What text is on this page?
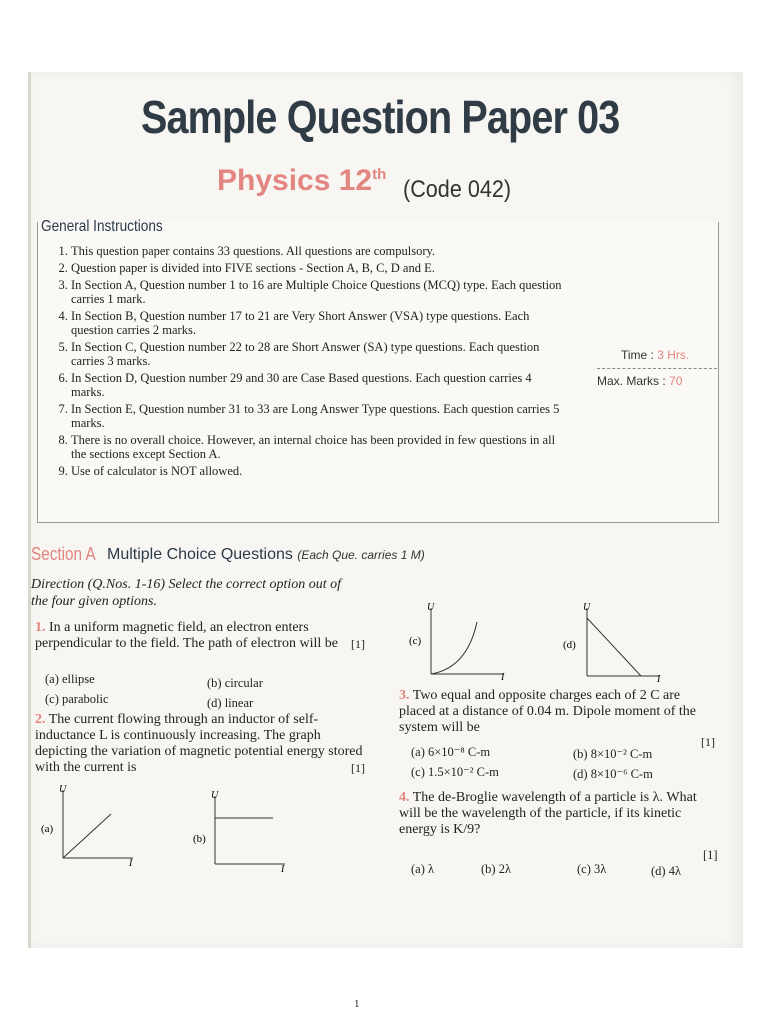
Sample Question Paper 03
Physics 12th
(Code 042)
General Instructions
1. This question paper contains 33 questions. All questions are compulsory.
2. Question paper is divided into FIVE sections - Section A, B, C, D and E.
3. In Section A, Question number 1 to 16 are Multiple Choice Questions (MCQ) type. Each question carries 1 mark.
4. In Section B, Question number 17 to 21 are Very Short Answer (VSA) type questions. Each question carries 2 marks.
5. In Section C, Question number 22 to 28 are Short Answer (SA) type questions. Each question carries 3 marks.
6. In Section D, Question number 29 and 30 are Case Based questions. Each question carries 4 marks.
7. In Section E, Question number 31 to 33 are Long Answer Type questions. Each question carries 5 marks.
8. There is no overall choice. However, an internal choice has been provided in few questions in all the sections except Section A.
9. Use of calculator is NOT allowed.
Time : 3 Hrs.
Max. Marks : 70
Section A Multiple Choice Questions (Each Que. carries 1 M)
Direction (Q.Nos. 1-16) Select the correct option out of the four given options.
1. In a uniform magnetic field, an electron enters perpendicular to the field. The path of electron will be [1]
(a) ellipse	(b) circular
(c) parabolic	(d) linear
2. The current flowing through an inductor of self-inductance L is continuously increasing. The graph depicting the variation of magnetic potential energy stored with the current is	[1]
U
I
(a)
U
I
(b)
U
I
(c)
U
I
(d)
3. Two equal and opposite charges each of 2 C are placed at a distance of 0.04 m. Dipole moment of the system will be
[1]
(a) 6×10⁻⁸ C-m	(b) 8×10⁻² C-m
(c) 1.5×10⁻² C-m	(d) 8×10⁻⁶ C-m
4. The de-Broglie wavelength of a particle is λ. What will be the wavelength of the particle, if its kinetic energy is K/9?
[1]
(a) λ	(b) 2λ	(c) 3λ	(d) 4λ
1
